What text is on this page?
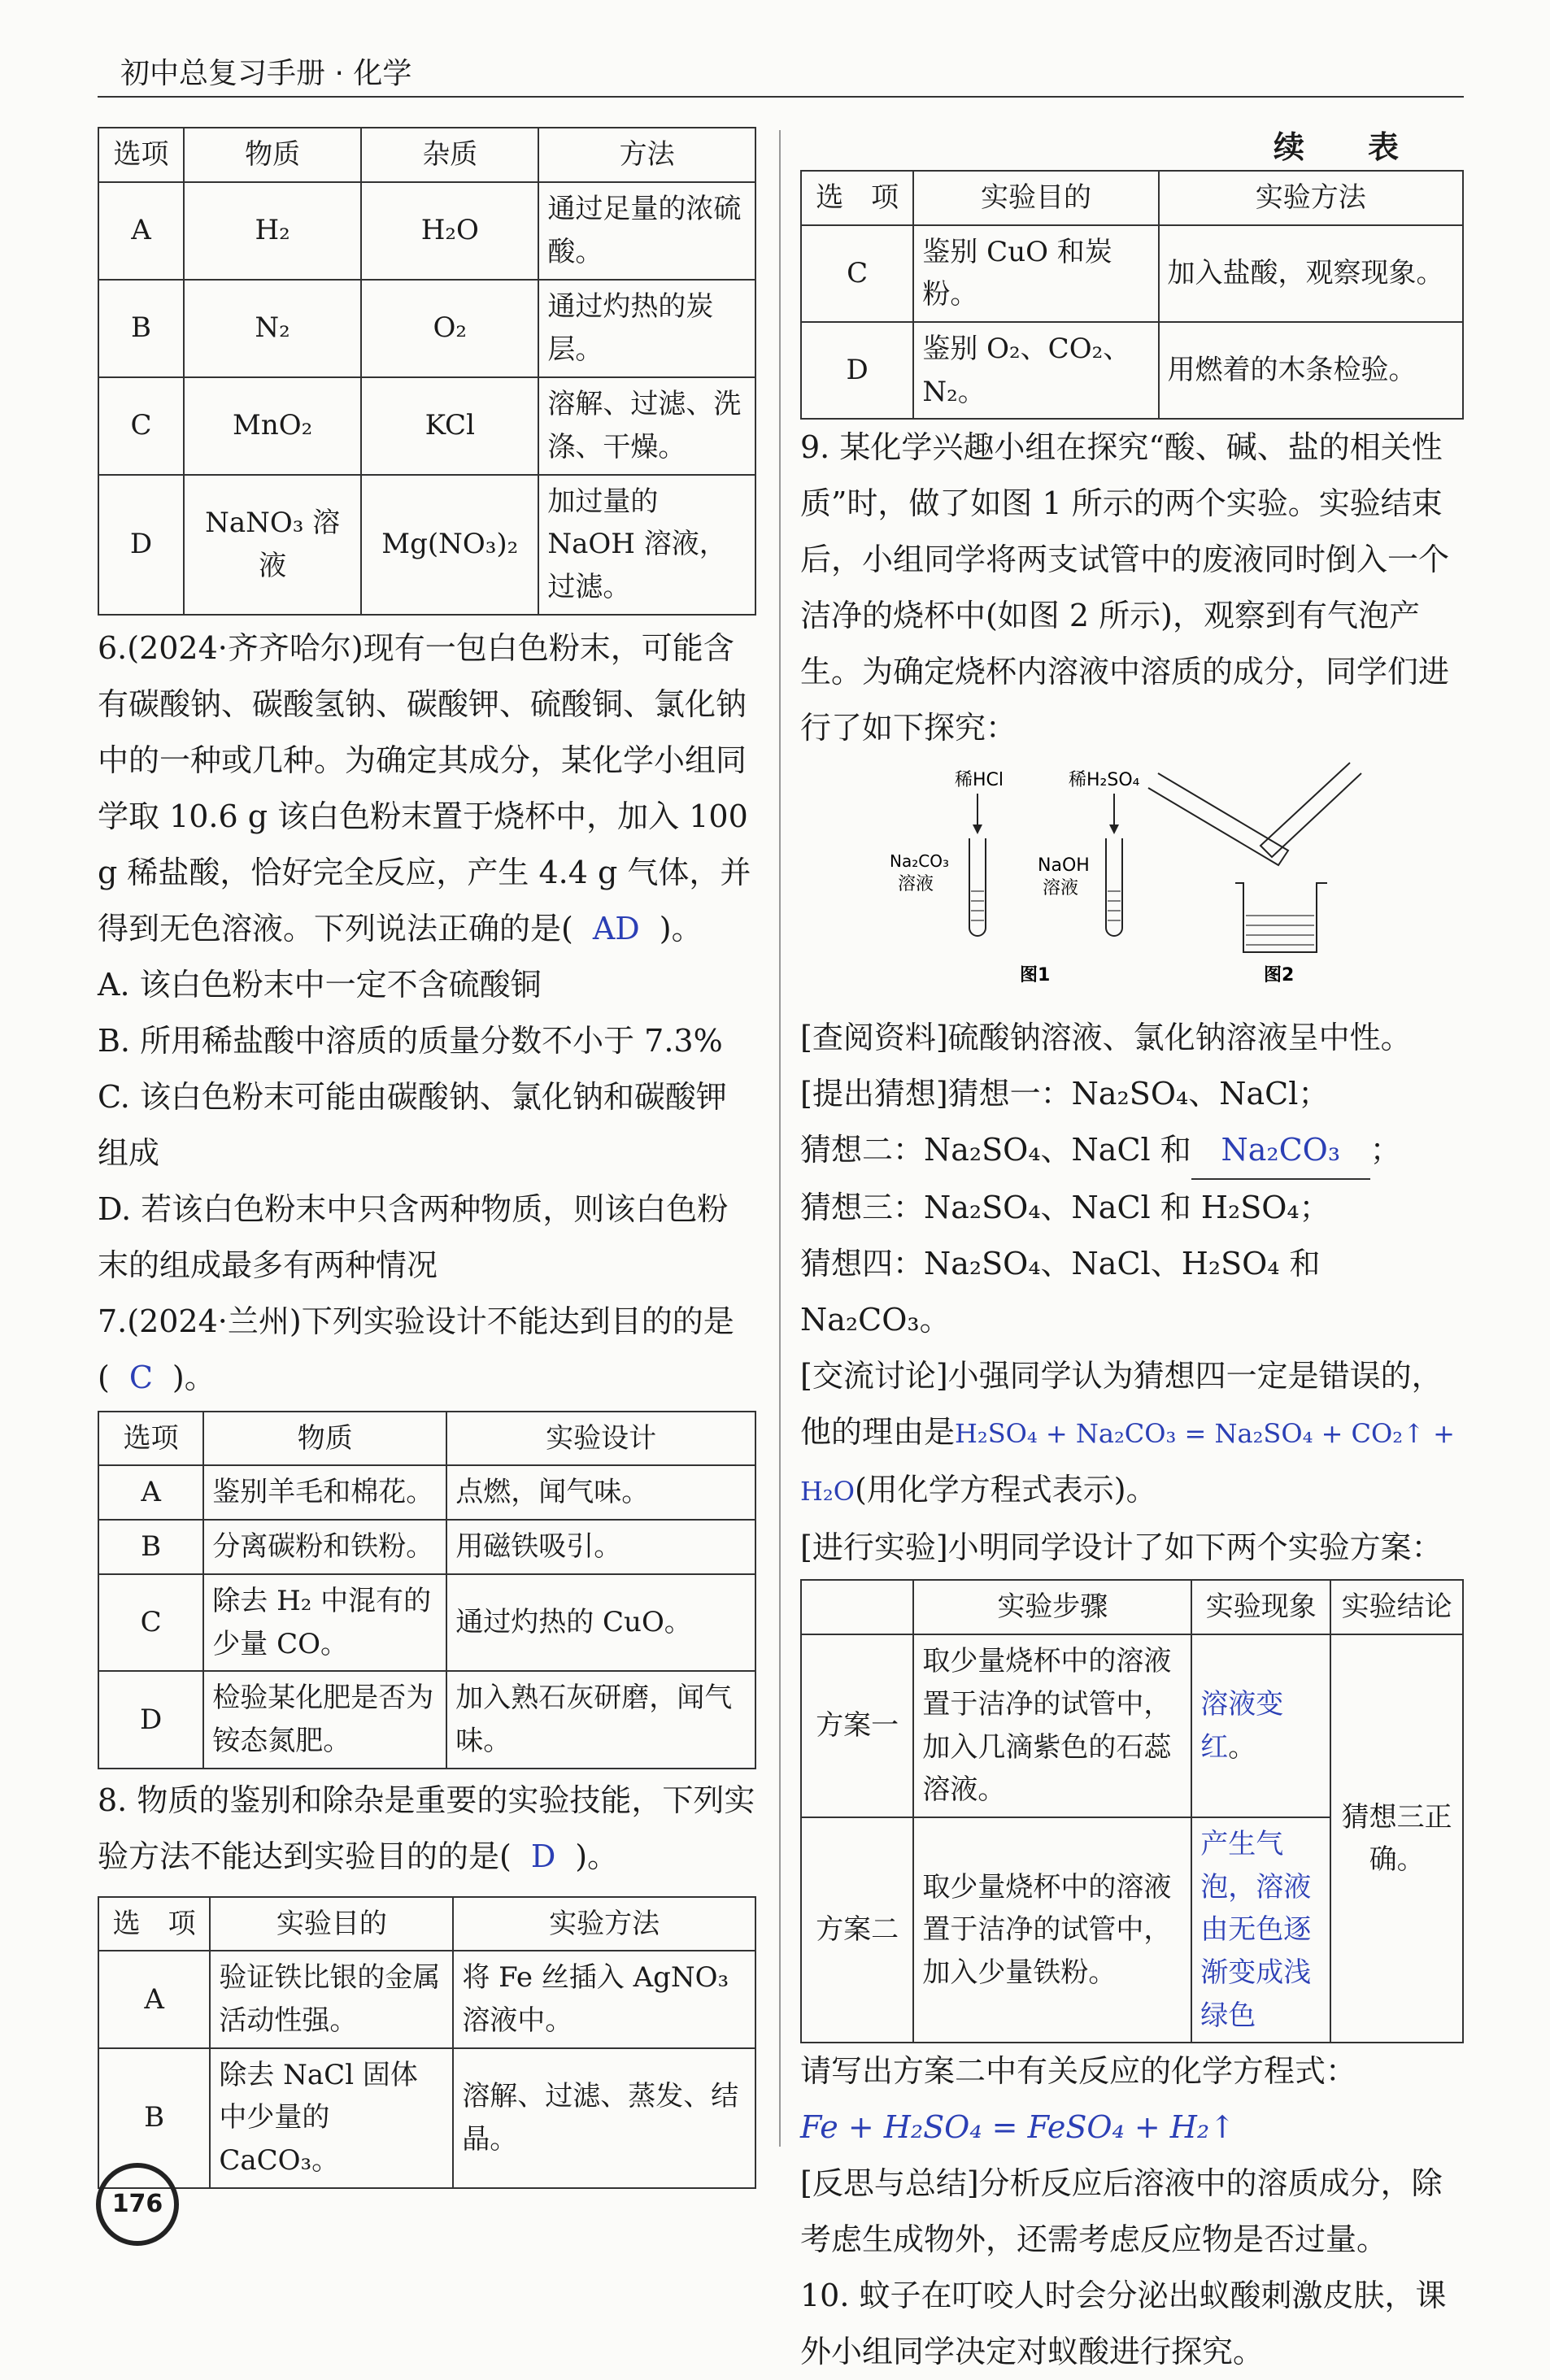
初中总复习手册 · 化学
选项	物质	杂质	方法
A	H₂	H₂O	通过足量的浓硫酸。
B	N₂	O₂	通过灼热的炭层。
C	MnO₂	KCl	溶解、过滤、洗涤、干燥。
D	NaNO₃ 溶液	Mg(NO₃)₂	加过量的 NaOH 溶液，过滤。

6.(2024·齐齐哈尔)现有一包白色粉末，可能含有碳酸钠、碳酸氢钠、碳酸钾、硫酸铜、氯化钠中的一种或几种。为确定其成分，某化学小组同学取 10.6 g 该白色粉末置于烧杯中，加入 100 g 稀盐酸，恰好完全反应，产生 4.4 g 气体，并得到无色溶液。下列说法正确的是( AD )。

A. 该白色粉末中一定不含硫酸铜

B. 所用稀盐酸中溶质的质量分数不小于 7.3%

C. 该白色粉末可能由碳酸钠、氯化钠和碳酸钾组成

D. 若该白色粉末中只含两种物质，则该白色粉末的组成最多有两种情况

7.(2024·兰州)下列实验设计不能达到目的的是( C )。

选项	物质	实验设计
A	鉴别羊毛和棉花。	点燃，闻气味。
B	分离碳粉和铁粉。	用磁铁吸引。
C	除去 H₂ 中混有的少量 CO。	通过灼热的 CuO。
D	检验某化肥是否为铵态氮肥。	加入熟石灰研磨，闻气味。

8. 物质的鉴别和除杂是重要的实验技能，下列实验方法不能达到实验目的的是( D )。

选　项	实验目的	实验方法
A	验证铁比银的金属活动性强。	将 Fe 丝插入 AgNO₃ 溶液中。
B	除去 NaCl 固体中少量的 CaCO₃。	溶解、过滤、蒸发、结晶。
续　表
选　项	实验目的	实验方法
C	鉴别 CuO 和炭粉。	加入盐酸，观察现象。
D	鉴别 O₂、CO₂、N₂。	用燃着的木条检验。

9. 某化学兴趣小组在探究“酸、碱、盐的相关性质”时，做了如图 1 所示的两个实验。实验结束后，小组同学将两支试管中的废液同时倒入一个洁净的烧杯中(如图 2 所示)，观察到有气泡产生。为确定烧杯内溶液中溶质的成分，同学们进行了如下探究：

稀HCl
Na₂CO₃
溶液
稀H₂SO₄
NaOH
溶液
图1	图2

[查阅资料]硫酸钠溶液、氯化钠溶液呈中性。

[提出猜想]猜想一：Na₂SO₄、NaCl；

猜想二：Na₂SO₄、NaCl 和 Na₂CO₃ ；

猜想三：Na₂SO₄、NaCl 和 H₂SO₄；

猜想四：Na₂SO₄、NaCl、H₂SO₄ 和 Na₂CO₃。

[交流讨论]小强同学认为猜想四一定是错误的，他的理由是H₂SO₄ + Na₂CO₃ = Na₂SO₄ + CO₂↑ + H₂O(用化学方程式表示)。

[进行实验]小明同学设计了如下两个实验方案：

	实验步骤	实验现象	实验结论
方案一	取少量烧杯中的溶液置于洁净的试管中，加入几滴紫色的石蕊溶液。	溶液变红。	猜想三正确。
方案二	取少量烧杯中的溶液置于洁净的试管中，加入少量铁粉。	产生气泡，溶液由无色逐渐变成浅绿色	

请写出方案二中有关反应的化学方程式：

Fe + H₂SO₄ = FeSO₄ + H₂↑

[反思与总结]分析反应后溶液中的溶质成分，除考虑生成物外，还需考虑反应物是否过量。

10. 蚊子在叮咬人时会分泌出蚁酸刺激皮肤，课外小组同学决定对蚁酸进行探究。

176
